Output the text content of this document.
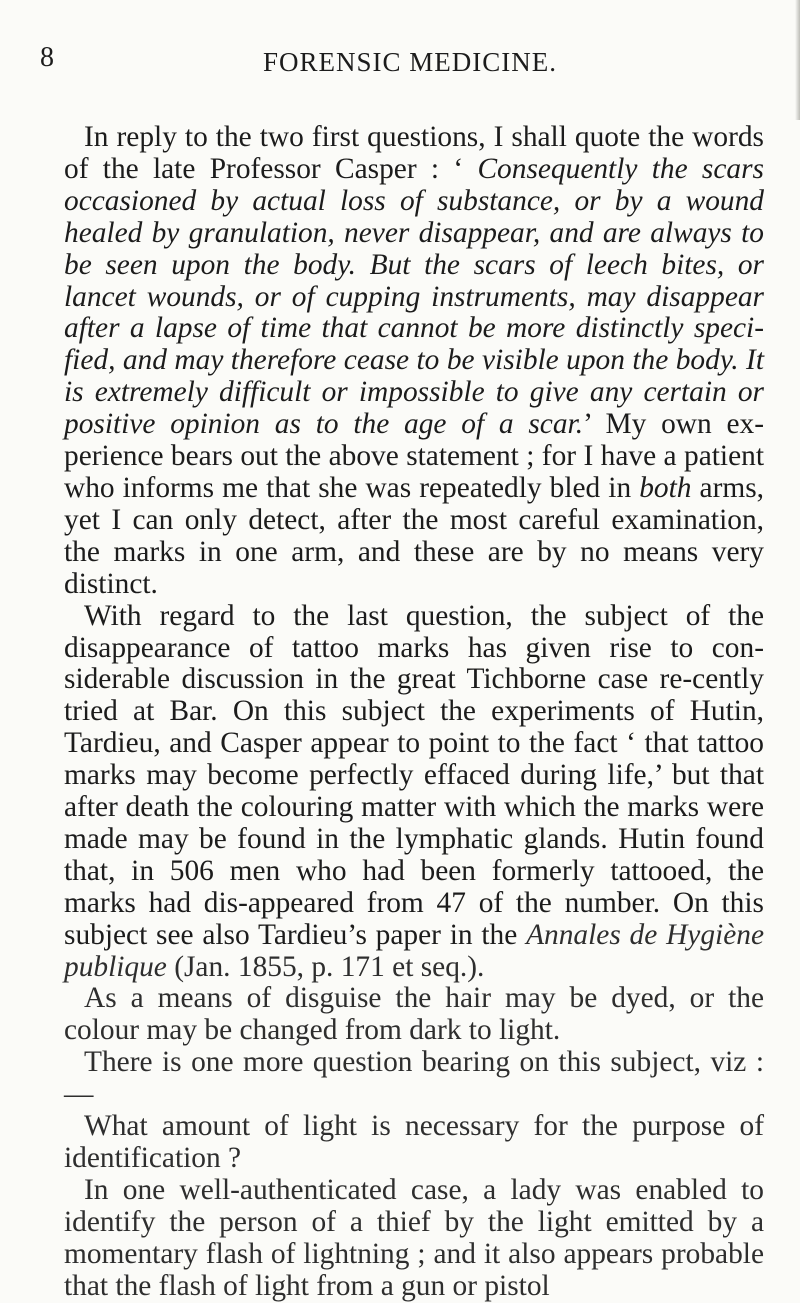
8	FORENSIC MEDICINE.

In reply to the two first questions, I shall quote the words of the late Professor Casper : ‘ Consequently the scars occasioned by actual loss of substance, or by a wound healed by granulation, never disappear, and are always to be seen upon the body. But the scars of leech bites, or lancet wounds, or of cupping instruments, may disappear after a lapse of time that cannot be more distinctly speci-fied, and may therefore cease to be visible upon the body. It is extremely difficult or impossible to give any certain or positive opinion as to the age of a scar.’ My own ex-perience bears out the above statement ; for I have a patient who informs me that she was repeatedly bled in both arms, yet I can only detect, after the most careful examination, the marks in one arm, and these are by no means very distinct.

With regard to the last question, the subject of the disappearance of tattoo marks has given rise to con-siderable discussion in the great Tichborne case re-cently tried at Bar. On this subject the experiments of Hutin, Tardieu, and Casper appear to point to the fact ‘ that tattoo marks may become perfectly effaced during life,’ but that after death the colouring matter with which the marks were made may be found in the lymphatic glands. Hutin found that, in 506 men who had been formerly tattooed, the marks had dis-appeared from 47 of the number. On this subject see also Tardieu’s paper in the Annales de Hygiène publique (Jan. 1855, p. 171 et seq.).

As a means of disguise the hair may be dyed, or the colour may be changed from dark to light.

There is one more question bearing on this subject, viz :—

What amount of light is necessary for the purpose of identification ?

In one well-authenticated case, a lady was enabled to identify the person of a thief by the light emitted by a momentary flash of lightning ; and it also appears probable that the flash of light from a gun or pistol
